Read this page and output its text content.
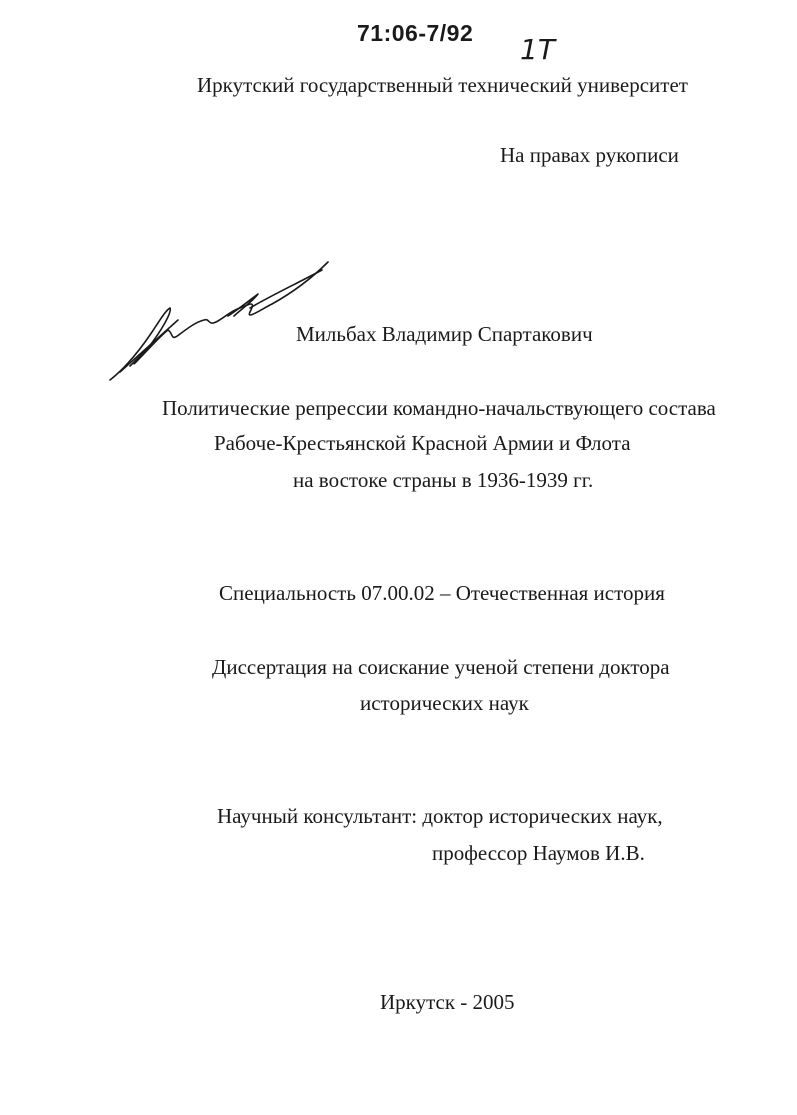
71:06-7/92 1T
Иркутский государственный технический университет
На правах рукописи
Мильбах Владимир Спартакович
Политические репрессии командно-начальствующего состава
Рабоче-Крестьянской Красной Армии и Флота
на востоке страны в 1936-1939 гг.
Специальность 07.00.02 – Отечественная история
Диссертация на соискание ученой степени доктора
исторических наук
Научный консультант: доктор исторических наук,
профессор Наумов И.В.
Иркутск - 2005
